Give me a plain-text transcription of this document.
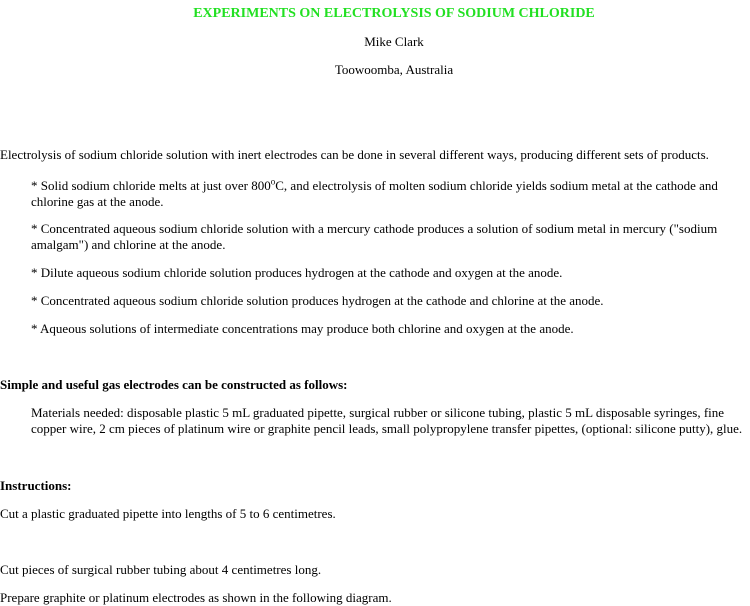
EXPERIMENTS ON ELECTROLYSIS OF SODIUM CHLORIDE
Mike Clark
Toowoomba, Australia

Electrolysis of sodium chloride solution with inert electrodes can be done in several different ways, producing different sets of products.

* Solid sodium chloride melts at just over 800$^o$C, and electrolysis of molten sodium chloride yields sodium metal at the cathode and chlorine gas at the anode.

* Concentrated aqueous sodium chloride solution with a mercury cathode produces a solution of sodium metal in mercury ("sodium amalgam") and chlorine at the anode.

* Dilute aqueous sodium chloride solution produces hydrogen at the cathode and oxygen at the anode.

* Concentrated aqueous sodium chloride solution produces hydrogen at the cathode and chlorine at the anode.

* Aqueous solutions of intermediate concentrations may produce both chlorine and oxygen at the anode.

Simple and useful gas electrodes can be constructed as follows:

Materials needed: disposable plastic 5 mL graduated pipette, surgical rubber or silicone tubing, plastic 5 mL disposable syringes, fine copper wire, 2 cm pieces of platinum wire or graphite pencil leads, small polypropylene transfer pipettes, (optional: silicone putty), glue.

Instructions:

Cut a plastic graduated pipette into lengths of 5 to 6 centimetres.

Cut pieces of surgical rubber tubing about 4 centimetres long.

Prepare graphite or platinum electrodes as shown in the following diagram.
